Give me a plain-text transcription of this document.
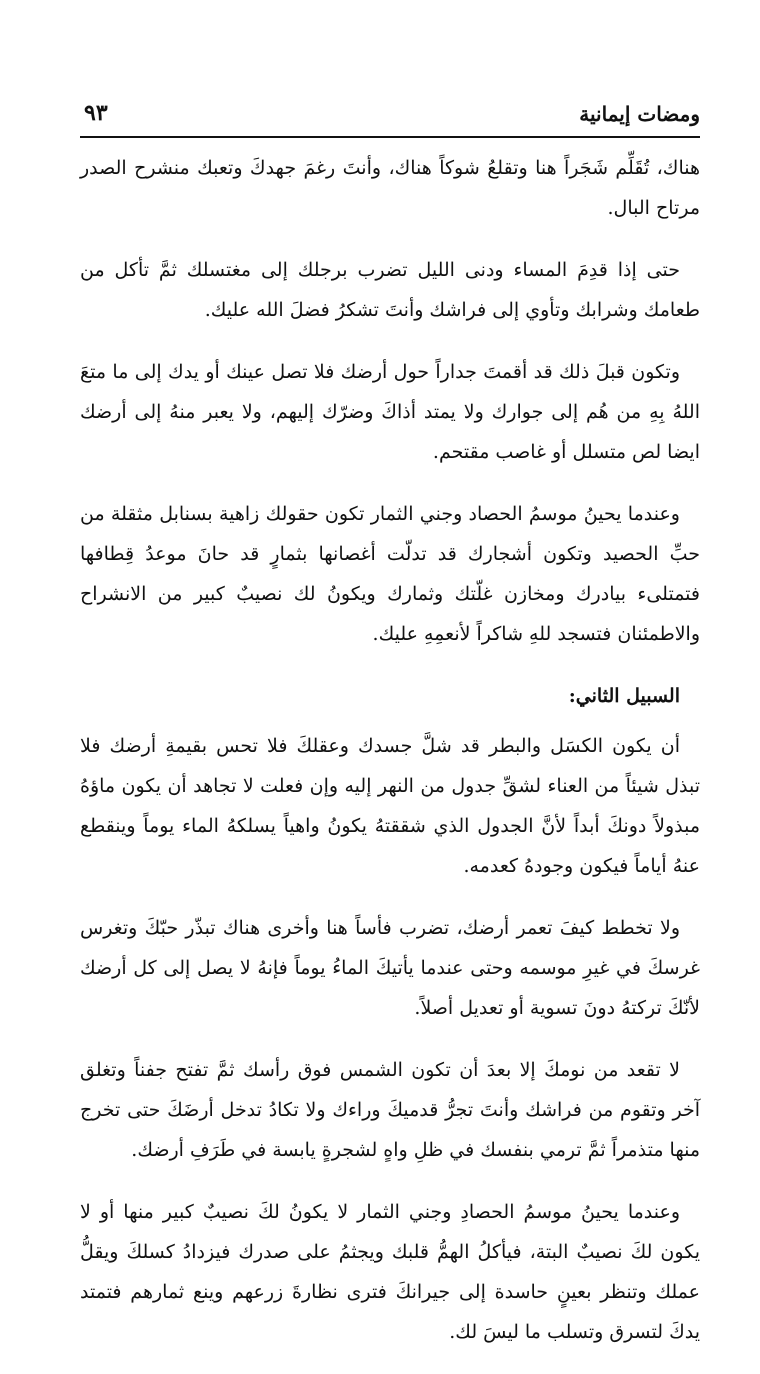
ومضات إيمانية
٩٣

هناك، تُقَلِّم شَجَراً هنا وتقلعُ شوكاً هناك، وأنتَ رغمَ جهدكَ وتعبك منشرح الصدر مرتاح البال.

حتى إذا قدِمَ المساء ودنى الليل تضرب برجلك إلى مغتسلك ثمَّ تأكل من طعامك وشرابك وتأوي إلى فراشك وأنتَ تشكرُ فضلَ الله عليك.

وتكون قبلَ ذلك قد أقمتَ جداراً حول أرضك فلا تصل عينك أو يدك إلى ما متعَ اللهُ بِهِ من هُم إلى جوارك ولا يمتد أذاكَ وضرّك إليهم، ولا يعبر منهُ إلى أرضك ايضا لص متسلل أو غاصب مقتحم.

وعندما يحينُ موسمُ الحصاد وجني الثمار تكون حقولك زاهية بسنابل مثقلة من حبِّ الحصيد وتكون أشجارك قد تدلّت أغصانها بثمارٍ قد حانَ موعدُ قِطافها فتمتلىء بيادرك ومخازن غلّتك وثمارك ويكونُ لك نصيبٌ كبير من الانشراح والاطمئنان فتسجد للهِ شاكراً لأنعمِهِ عليك.

السبيل الثاني:

أن يكون الكسَل والبطر قد شلَّ جسدك وعقلكَ فلا تحس بقيمةِ أرضك فلا تبذل شيئاً من العناء لشقِّ جدول من النهر إليه وإن فعلت لا تجاهد أن يكون ماؤهُ مبذولاً دونكَ أبداً لأنَّ الجدول الذي شققتهُ يكونُ واهياً يسلكهُ الماء يوماً وينقطع عنهُ أياماً فيكون وجودهُ كعدمه.

ولا تخطط كيفَ تعمر أرضك، تضرب فأساً هنا وأخرى هناك تبذّر حبّكَ وتغرس غرسكَ في غيرِ موسمه وحتى عندما يأتيكَ الماءُ يوماً فإنهُ لا يصل إلى كل أرضك لأنّكَ تركتهُ دونَ تسوية أو تعديل أصلاً.

لا تقعد من نومكَ إلا بعدَ أن تكون الشمس فوق رأسك ثمَّ تفتح جفناً وتغلق آخر وتقوم من فراشك وأنتَ تجرُّ قدميكَ وراءك ولا تكادُ تدخل أرضَكَ حتى تخرج منها متذمراً ثمَّ ترمي بنفسك في ظلِ واهٍ لشجرةٍ يابسة في طَرَفِ أرضك.

وعندما يحينُ موسمُ الحصادِ وجني الثمار لا يكونُ لكَ نصيبٌ كبير منها أو لا يكون لكَ نصيبٌ البتة، فيأكلُ الهمُّ قلبك ويجثمُ على صدرك فيزدادُ كسلكَ ويقلُّ عملك وتنظر بعينٍ حاسدة إلى جيرانكَ فترى نظارةَ زرعهم وينع ثمارهم فتمتد يدكَ لتسرق وتسلب ما ليسَ لك.
